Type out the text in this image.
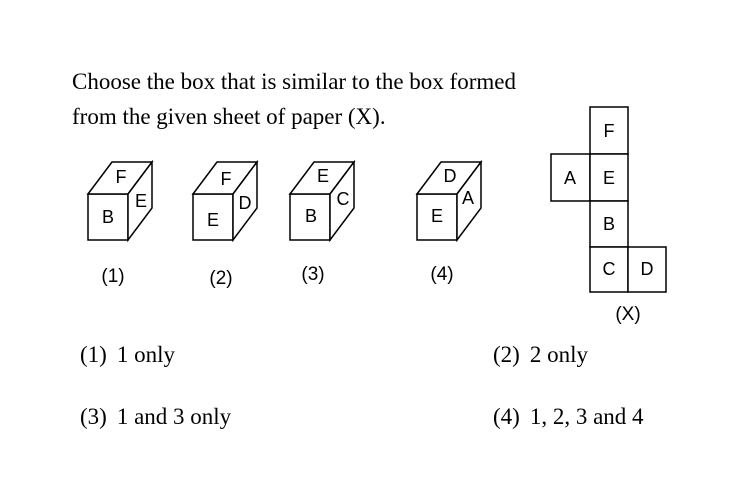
Choose the box that is similar to the box formed
from the given sheet of paper (X).
B
F
E
(1)
E
F
D
(2)
B
E
C
(3)
E
D
A
(4)
F
A E
B
C D
(X)
(1) 1 only	(2) 2 only
(3) 1 and 3 only	(4) 1, 2, 3 and 4
